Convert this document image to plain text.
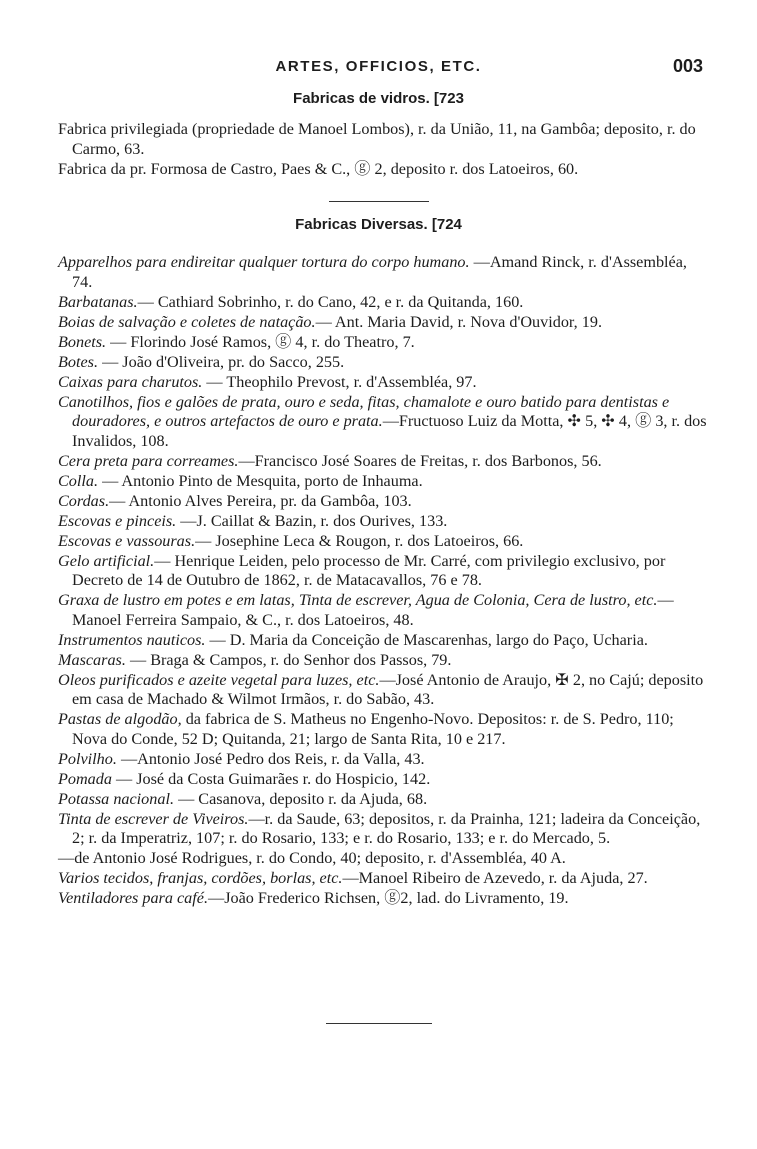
ARTES, OFFICIOS, ETC.	003
Fabricas de vidros. [723

Fabrica privilegiada (propriedade de Manoel Lombos), r. da União, 11, na Gambôa; deposito, r. do Carmo, 63.

Fabrica da pr. Formosa de Castro, Paes & C., ⓖ 2, deposito r. dos Latoeiros, 60.

Fabricas Diversas. [724

Apparelhos para endireitar qualquer tortura do corpo humano. —Amand Rinck, r. d'Assembléa, 74.

Barbatanas.— Cathiard Sobrinho, r. do Cano, 42, e r. da Quitanda, 160.

Boias de salvação e coletes de natação.— Ant. Maria David, r. Nova d'Ouvidor, 19.

Bonets. — Florindo José Ramos, ⓖ 4, r. do Theatro, 7.

Botes. — João d'Oliveira, pr. do Sacco, 255.

Caixas para charutos. — Theophilo Prevost, r. d'Assembléa, 97.

Canotilhos, fios e galões de prata, ouro e seda, fitas, chamalote e ouro batido para dentistas e douradores, e outros artefactos de ouro e prata.—Fructuoso Luiz da Motta, ✣ 5, ✣ 4, ⓖ 3, r. dos Invalidos, 108.

Cera preta para correames.—Francisco José Soares de Freitas, r. dos Barbonos, 56.

Colla. — Antonio Pinto de Mesquita, porto de Inhauma.

Cordas.— Antonio Alves Pereira, pr. da Gambôa, 103.

Escovas e pinceis. —J. Caillat & Bazin, r. dos Ourives, 133.

Escovas e vassouras.— Josephine Leca & Rougon, r. dos Latoeiros, 66.

Gelo artificial.— Henrique Leiden, pelo processo de Mr. Carré, com privilegio exclusivo, por Decreto de 14 de Outubro de 1862, r. de Matacavallos, 76 e 78.

Graxa de lustro em potes e em latas, Tinta de escrever, Agua de Colonia, Cera de lustro, etc.— Manoel Ferreira Sampaio, & C., r. dos Latoeiros, 48.

Instrumentos nauticos. — D. Maria da Conceição de Mascarenhas, largo do Paço, Ucharia.

Mascaras. — Braga & Campos, r. do Senhor dos Passos, 79.

Oleos purificados e azeite vegetal para luzes, etc.—José Antonio de Araujo, ✠ 2, no Cajú; deposito em casa de Machado & Wilmot Irmãos, r. do Sabão, 43.

Pastas de algodão, da fabrica de S. Matheus no Engenho-Novo. Depositos: r. de S. Pedro, 110; Nova do Conde, 52 D; Quitanda, 21; largo de Santa Rita, 10 e 217.

Polvilho. —Antonio José Pedro dos Reis, r. da Valla, 43.

Pomada — José da Costa Guimarães r. do Hospicio, 142.

Potassa nacional. — Casanova, deposito r. da Ajuda, 68.

Tinta de escrever de Viveiros.—r. da Saude, 63; depositos, r. da Prainha, 121; ladeira da Conceição, 2; r. da Imperatriz, 107; r. do Rosario, 133; e r. do Rosario, 133; e r. do Mercado, 5.

—de Antonio José Rodrigues, r. do Condo, 40; deposito, r. d'Assembléa, 40 A.

Varios tecidos, franjas, cordões, borlas, etc.—Manoel Ribeiro de Azevedo, r. da Ajuda, 27.

Ventiladores para café.—João Frederico Richsen, ⓖ2, lad. do Livramento, 19.
